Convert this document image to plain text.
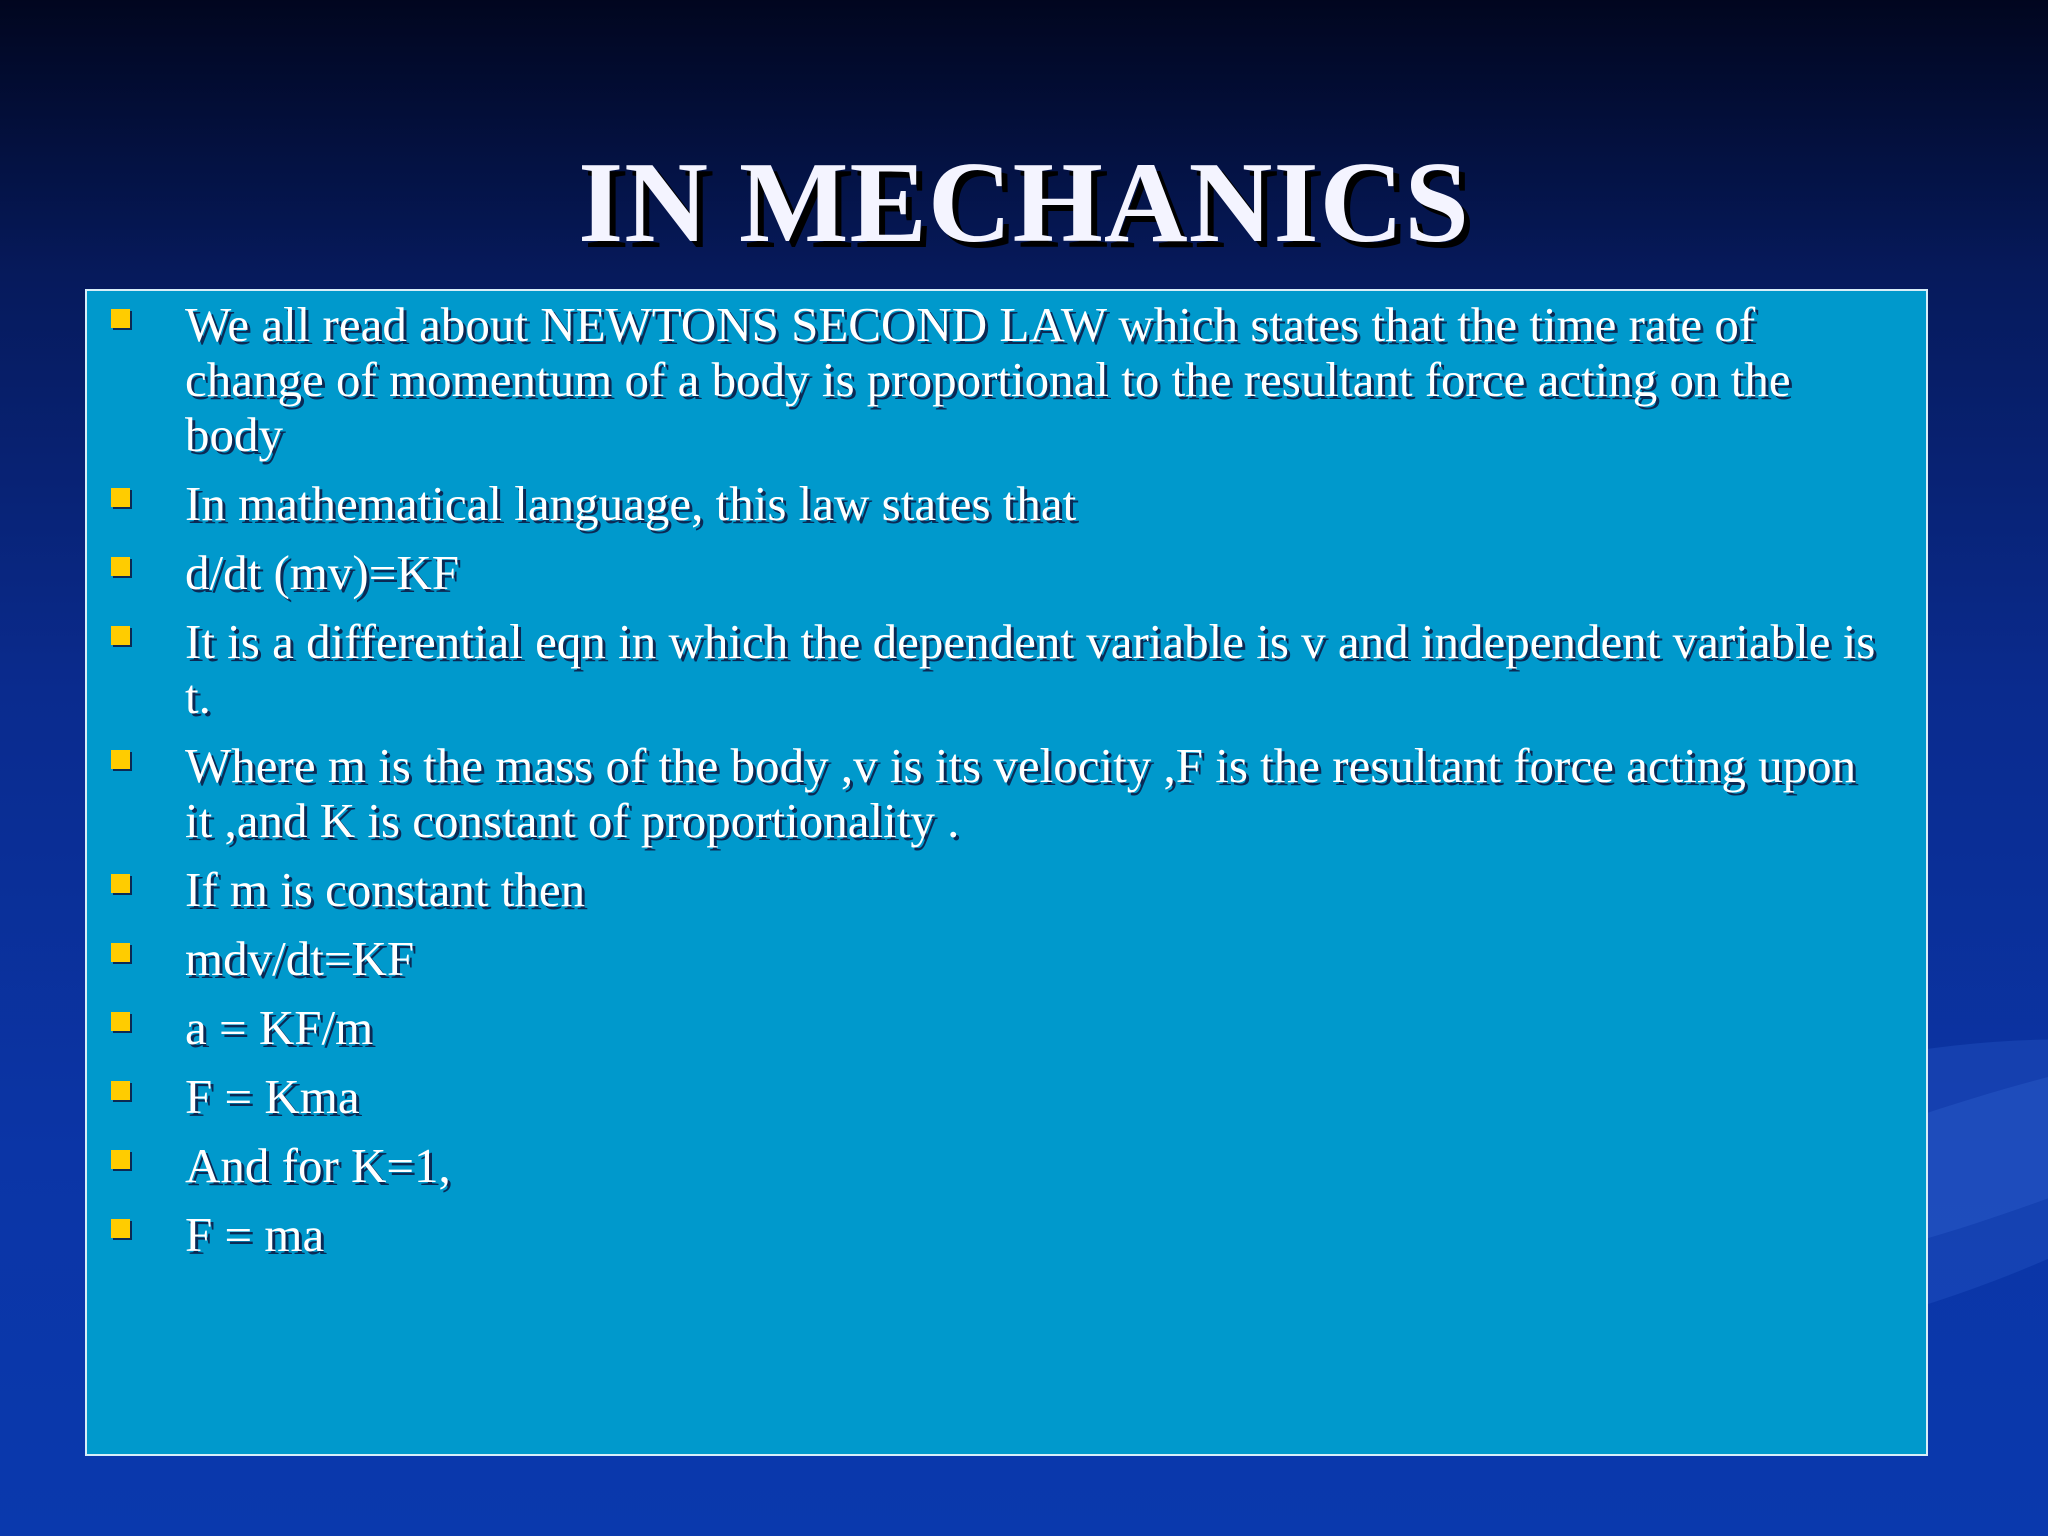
IN MECHANICS
We all read about NEWTONS SECOND LAW which states that the time rate of change of momentum of a body is proportional to the resultant force acting on the body
In mathematical language, this law states that
d/dt (mv)=KF
It is a differential eqn in which the dependent variable is v and independent variable is t.
Where m is the mass of the body ,v is its velocity ,F is the resultant force acting upon it ,and K is constant of proportionality .
If m is constant then
mdv/dt=KF
a = KF/m
F = Kma
And for K=1,
F = ma
